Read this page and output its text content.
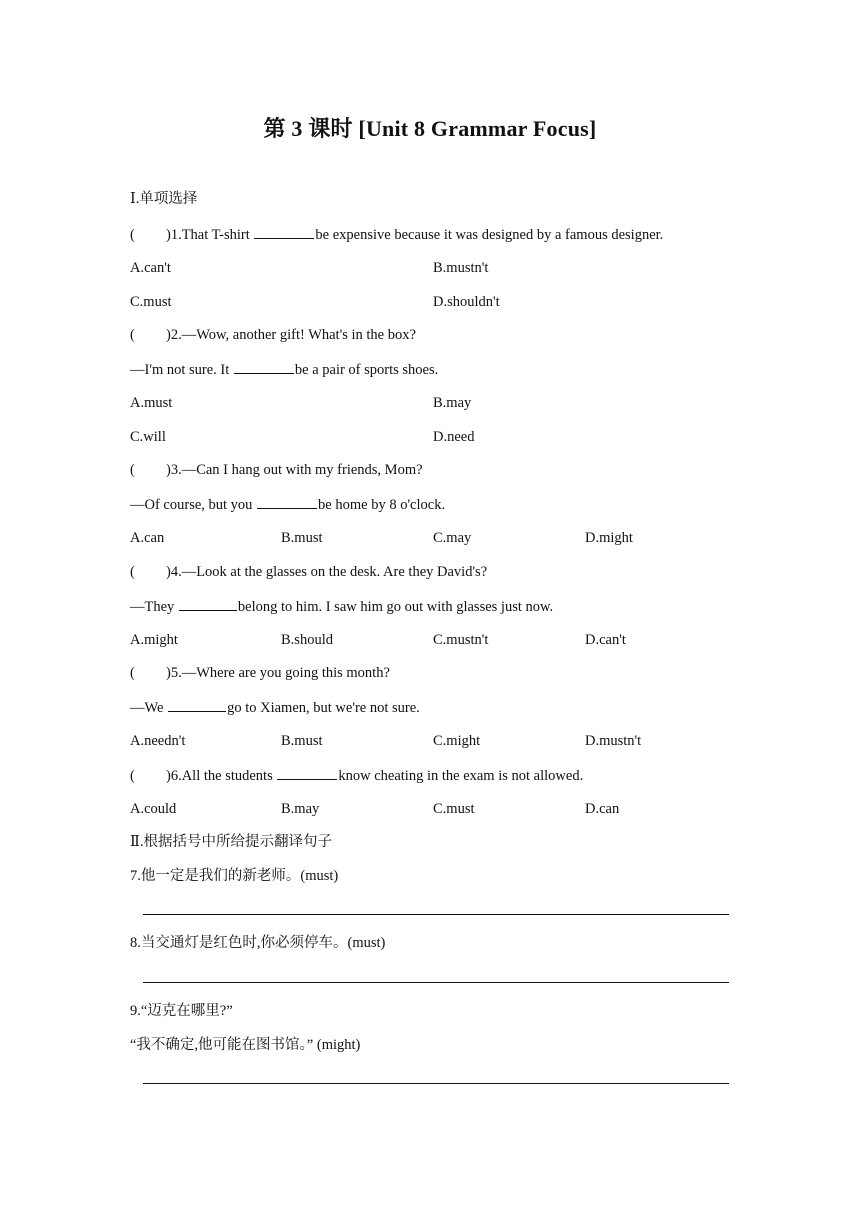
第 3 课时 [Unit 8 Grammar Focus]
Ⅰ.单项选择
( )1.That T-shirt	be expensive because it was designed by a famous designer.
A.can't	B.mustn't
C.must	D.shouldn't
( )2.—Wow, another gift! What's in the box?
—I'm not sure. It	be a pair of sports shoes.
A.must	B.may
C.will	D.need
( )3.—Can I hang out with my friends, Mom?
—Of course, but you	be home by 8 o'clock.
A.can	B.must	C.may	D.might
( )4.—Look at the glasses on the desk. Are they David's?
—They	belong to him. I saw him go out with glasses just now.
A.might	B.should	C.mustn't	D.can't
( )5.—Where are you going this month?
—We	go to Xiamen, but we're not sure.
A.needn't	B.must	C.might	D.mustn't
( )6.All the students	know cheating in the exam is not allowed.
A.could	B.may	C.must	D.can
Ⅱ.根据括号中所给提示翻译句子
7.他一定是我们的新老师。(must)
8.当交通灯是红色时,你必须停车。(must)
9.“迈克在哪里?”
“我不确定,他可能在图书馆。” (might)
